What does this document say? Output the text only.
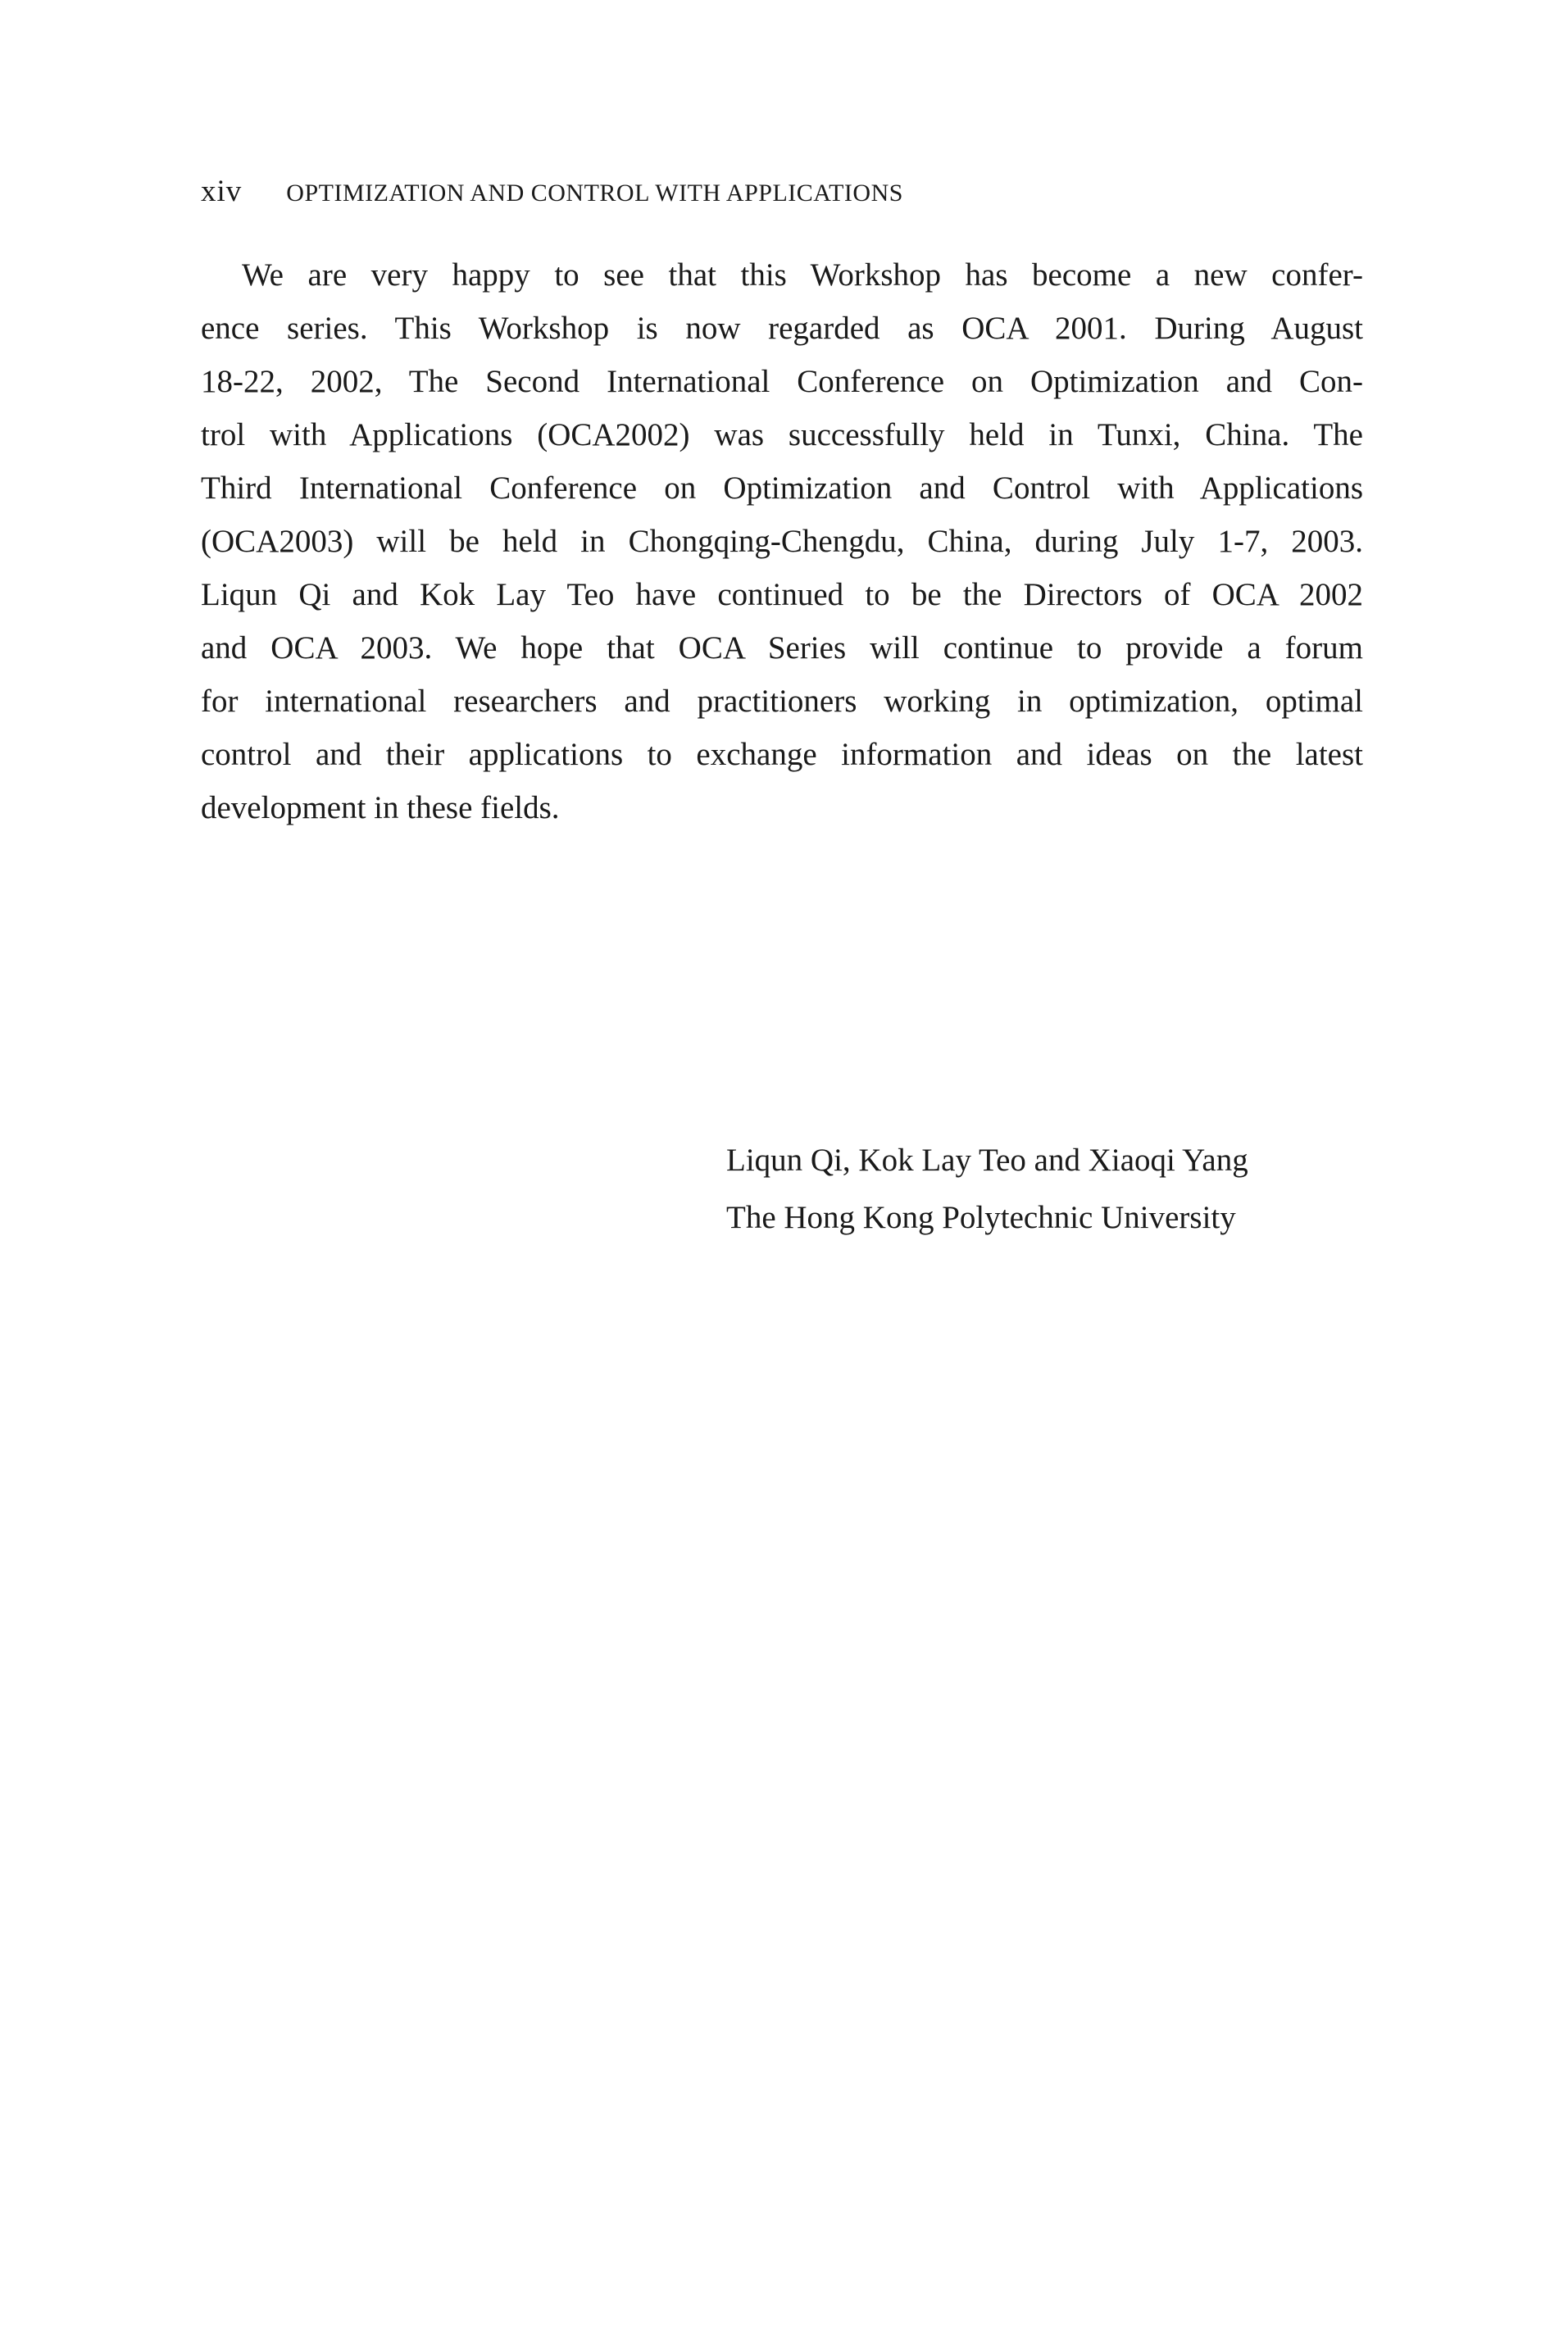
xiv OPTIMIZATION AND CONTROL WITH APPLICATIONS
We are very happy to see that this Workshop has become a new confer-
ence series. This Workshop is now regarded as OCA 2001. During August
18-22, 2002, The Second International Conference on Optimization and Con-
trol with Applications (OCA2002) was successfully held in Tunxi, China. The
Third International Conference on Optimization and Control with Applications
(OCA2003) will be held in Chongqing-Chengdu, China, during July 1-7, 2003.
Liqun Qi and Kok Lay Teo have continued to be the Directors of OCA 2002
and OCA 2003. We hope that OCA Series will continue to provide a forum
for international researchers and practitioners working in optimization, optimal
control and their applications to exchange information and ideas on the latest
development in these fields.
Liqun Qi, Kok Lay Teo and Xiaoqi Yang
The Hong Kong Polytechnic University
